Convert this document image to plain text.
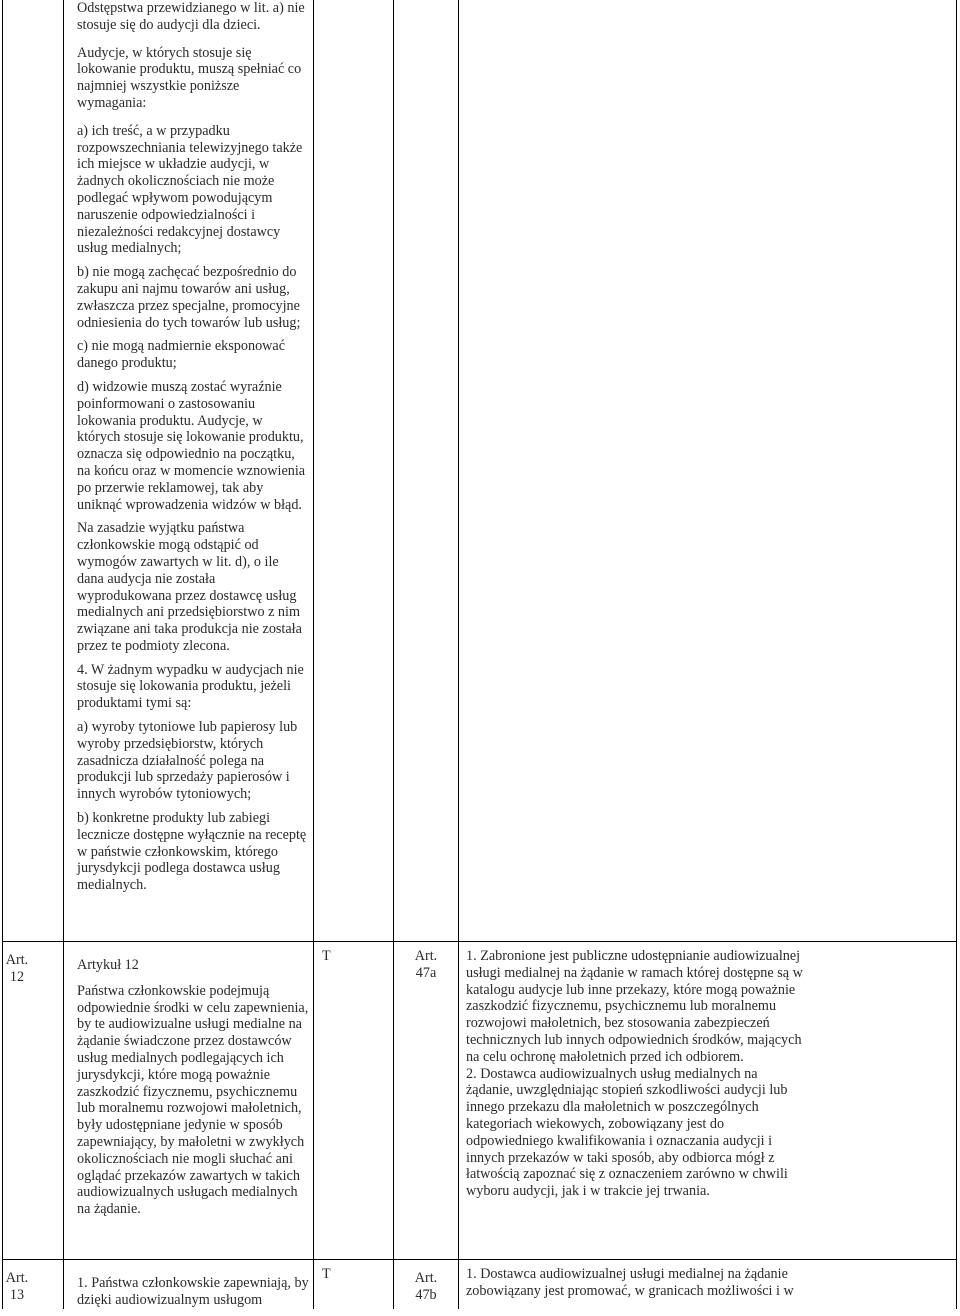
Odstępstwa przewidzianego w lit. a) nie stosuje się do audycji dla dzieci.

Audycje, w których stosuje się lokowanie produktu, muszą spełniać co najmniej wszystkie poniższe wymagania:

a) ich treść, a w przypadku rozpowszechniania telewizyjnego także ich miejsce w układzie audycji, w żadnych okolicznościach nie może podlegać wpływom powodującym naruszenie odpowiedzialności i niezależności redakcyjnej dostawcy usług medialnych;

b) nie mogą zachęcać bezpośrednio do zakupu ani najmu towarów ani usług, zwłaszcza przez specjalne, promocyjne odniesienia do tych towarów lub usług;

c) nie mogą nadmiernie eksponować danego produktu;

d) widzowie muszą zostać wyraźnie poinformowani o zastosowaniu lokowania produktu. Audycje, w których stosuje się lokowanie produktu, oznacza się odpowiednio na początku, na końcu oraz w momencie wznowienia po przerwie reklamowej, tak aby uniknąć wprowadzenia widzów w błąd.

Na zasadzie wyjątku państwa członkowskie mogą odstąpić od wymogów zawartych w lit. d), o ile dana audycja nie została wyprodukowana przez dostawcę usług medialnych ani przedsiębiorstwo z nim związane ani taka produkcja nie została przez te podmioty zlecona.

4. W żadnym wypadku w audycjach nie stosuje się lokowania produktu, jeżeli produktami tymi są:

a) wyroby tytoniowe lub papierosy lub wyroby przedsiębiorstw, których zasadnicza działalność polega na produkcji lub sprzedaży papierosów i innych wyrobów tytoniowych;

b) konkretne produkty lub zabiegi lecznicze dostępne wyłącznie na receptę w państwie członkowskim, którego jurysdykcji podlega dostawca usług medialnych.

Art.
12

Artykuł 12

Państwa członkowskie podejmują odpowiednie środki w celu zapewnienia, by te audiowizualne usługi medialne na żądanie świadczone przez dostawców usług medialnych podlegających ich jurysdykcji, które mogą poważnie zaszkodzić fizycznemu, psychicznemu lub moralnemu rozwojowi małoletnich, były udostępniane jedynie w sposób zapewniający, by małoletni w zwykłych okolicznościach nie mogli słuchać ani oglądać przekazów zawartych w takich audiowizualnych usługach medialnych na żądanie.

T	Art.
47a

1. Zabronione jest publiczne udostępnianie audiowizualnej usługi medialnej na żądanie w ramach której dostępne są w katalogu audycje lub inne przekazy, które mogą poważnie zaszkodzić fizycznemu, psychicznemu lub moralnemu rozwojowi małoletnich, bez stosowania zabezpieczeń technicznych lub innych odpowiednich środków, mających na celu ochronę małoletnich przed ich odbiorem.

2. Dostawca audiowizualnych usług medialnych na żądanie, uwzględniając stopień szkodliwości audycji lub innego przekazu dla małoletnich w poszczególnych kategoriach wiekowych, zobowiązany jest do odpowiedniego kwalifikowania i oznaczania audycji i innych przekazów w taki sposób, aby odbiorca mógł z łatwością zapoznać się z oznaczeniem zarówno w chwili wyboru audycji, jak i w trakcie jej trwania.

Art.
13

1. Państwa członkowskie zapewniają, by dzięki audiowizualnym usługom

T	Art.
47b

1. Dostawca audiowizualnej usługi medialnej na żądanie zobowiązany jest promować, w granicach możliwości i w
